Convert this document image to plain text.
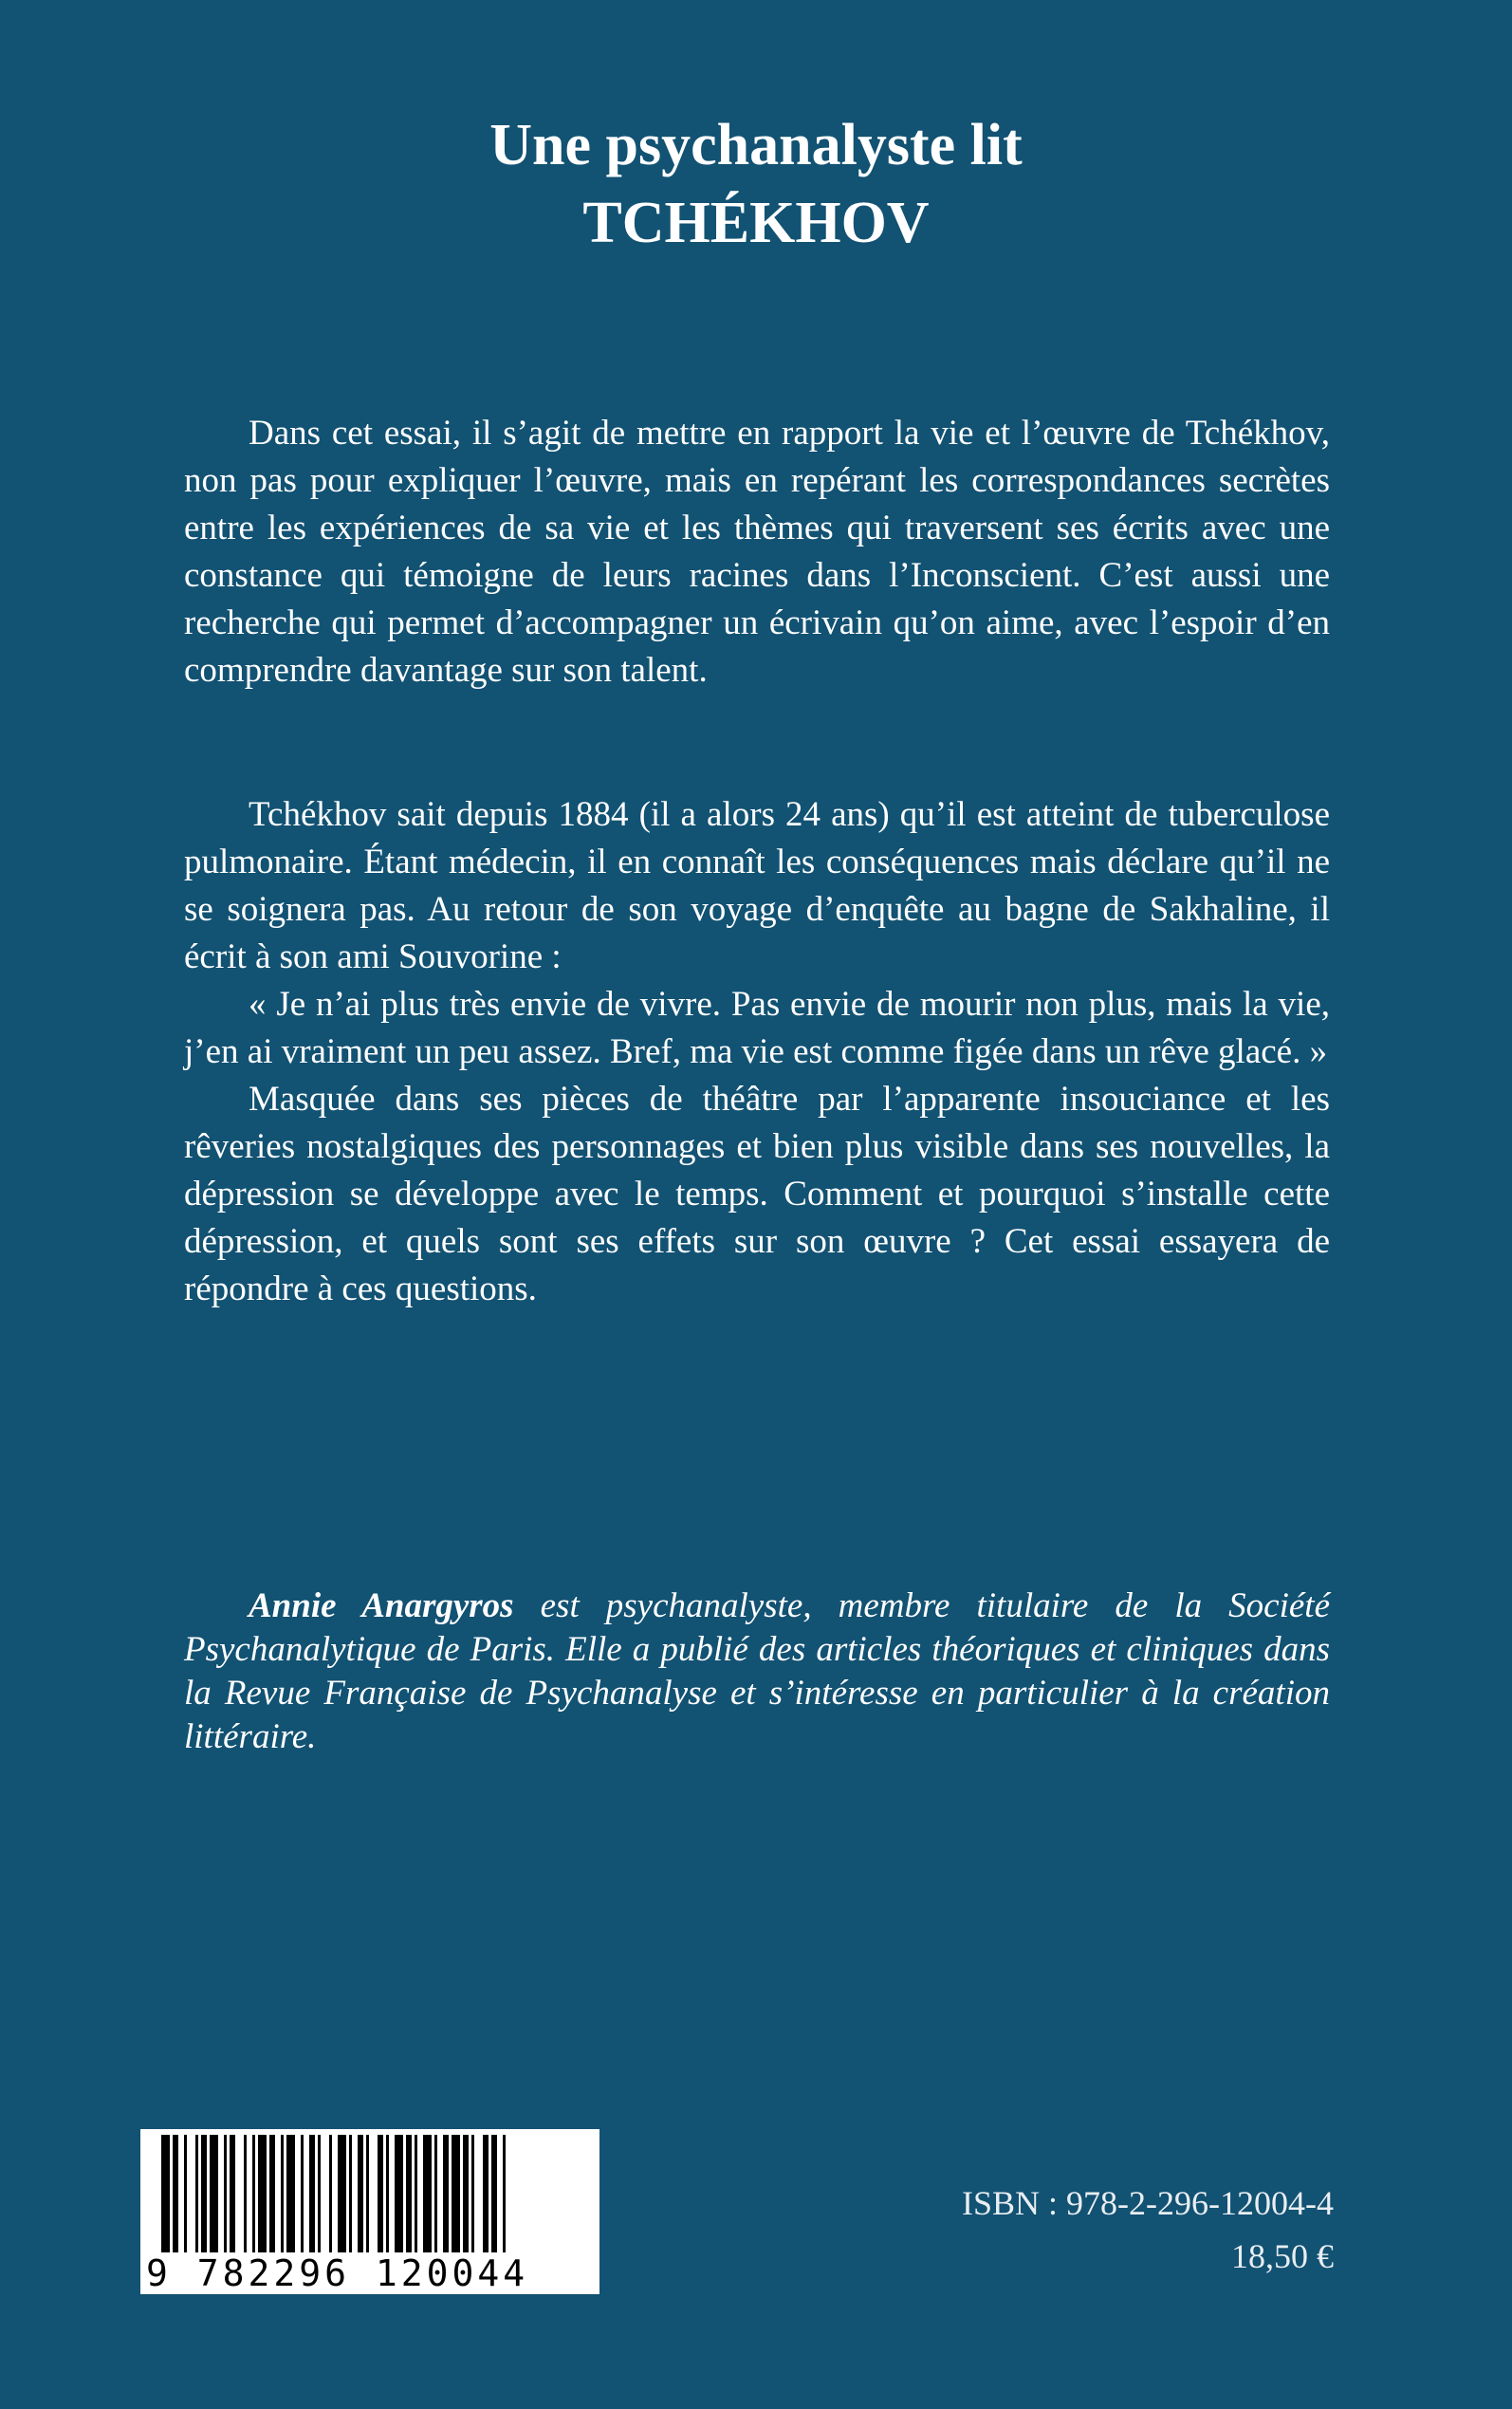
Une psychanalyste lit
TCHÉKHOV

Dans cet essai, il s’agit de mettre en rapport la vie et l’œuvre de Tchékhov, non pas pour expliquer l’œuvre, mais en repérant les correspondances secrètes entre les expériences de sa vie et les thèmes qui traversent ses écrits avec une constance qui témoigne de leurs racines dans l’Inconscient. C’est aussi une recherche qui permet d’accompagner un écrivain qu’on aime, avec l’espoir d’en comprendre davantage sur son talent.

Tchékhov sait depuis 1884 (il a alors 24 ans) qu’il est atteint de tuberculose pulmonaire. Étant médecin, il en connaît les conséquences mais déclare qu’il ne se soignera pas. Au retour de son voyage d’enquête au bagne de Sakhaline, il écrit à son ami Souvorine :

« Je n’ai plus très envie de vivre. Pas envie de mourir non plus, mais la vie, j’en ai vraiment un peu assez. Bref, ma vie est comme figée dans un rêve glacé. »

Masquée dans ses pièces de théâtre par l’apparente insouciance et les rêveries nostalgiques des personnages et bien plus visible dans ses nouvelles, la dépression se développe avec le temps. Comment et pourquoi s’installe cette dépression, et quels sont ses effets sur son œuvre ? Cet essai essayera de répondre à ces questions.

Annie Anargyros est psychanalyste, membre titulaire de la Société Psychanalytique de Paris. Elle a publié des articles théoriques et cliniques dans la Revue Française de Psychanalyse et s’intéresse en particulier à la création littéraire.

9 782296 120044
ISBN : 978-2-296-12004-4
18,50 €
